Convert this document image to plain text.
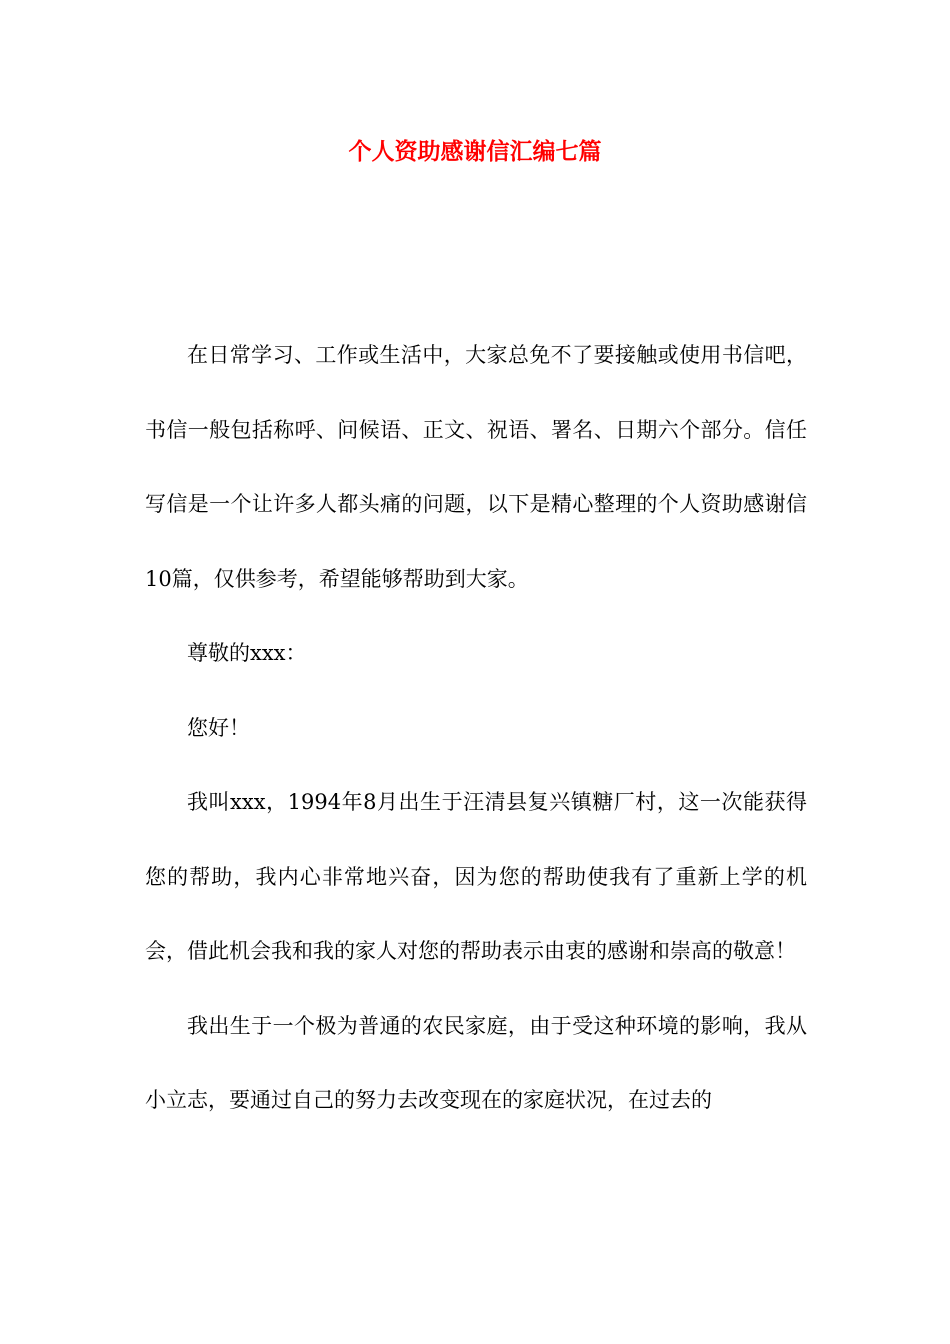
个人资助感谢信汇编七篇

在日常学习、工作或生活中，大家总免不了要接触或使用书信吧，书信一般包括称呼、问候语、正文、祝语、署名、日期六个部分。信任写信是一个让许多人都头痛的问题，以下是精心整理的个人资助感谢信10篇，仅供参考，希望能够帮助到大家。

尊敬的xxx：

您好！

我叫xxx，1994年8月出生于汪清县复兴镇糖厂村，这一次能获得您的帮助，我内心非常地兴奋，因为您的帮助使我有了重新上学的机会，借此机会我和我的家人对您的帮助表示由衷的感谢和崇高的敬意！

我出生于一个极为普通的农民家庭，由于受这种环境的影响，我从小立志，要通过自己的努力去改变现在的家庭状况，在过去的
